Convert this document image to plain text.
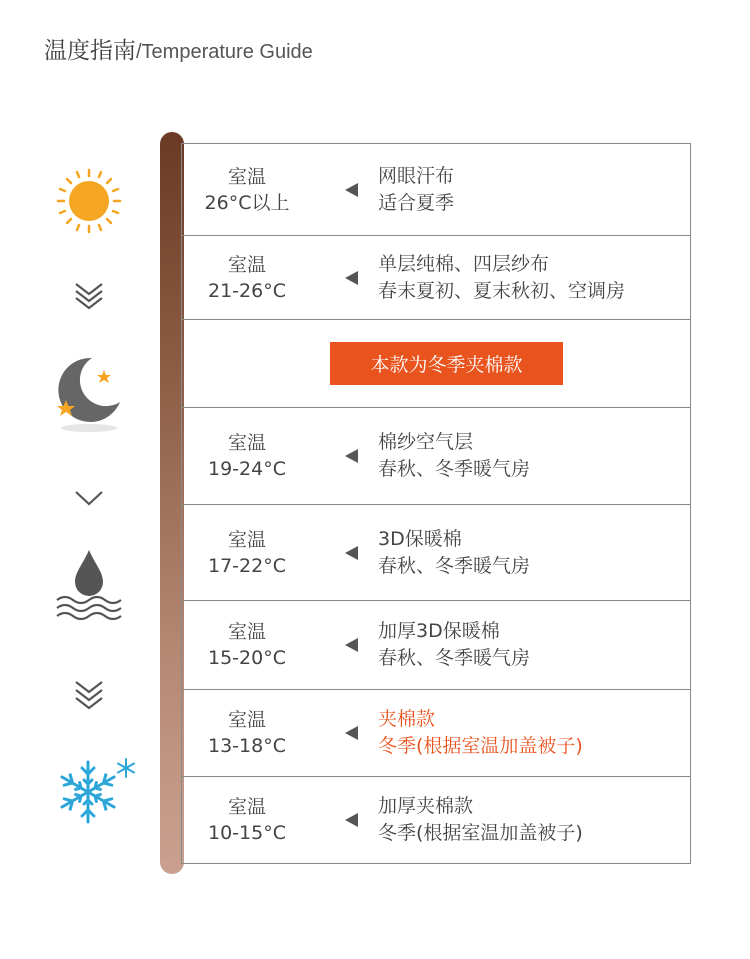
温度指南/Temperature Guide
室温
26°C以上
网眼汗布
适合夏季
室温
21-26°C
单层纯棉、四层纱布
春末夏初、夏末秋初、空调房
本款为冬季夹棉款
室温
19-24°C
棉纱空气层
春秋、冬季暖气房
室温
17-22°C
3D保暖棉
春秋、冬季暖气房
室温
15-20°C
加厚3D保暖棉
春秋、冬季暖气房
室温
13-18°C
夹棉款
冬季(根据室温加盖被子)
室温
10-15°C
加厚夹棉款
冬季(根据室温加盖被子)
